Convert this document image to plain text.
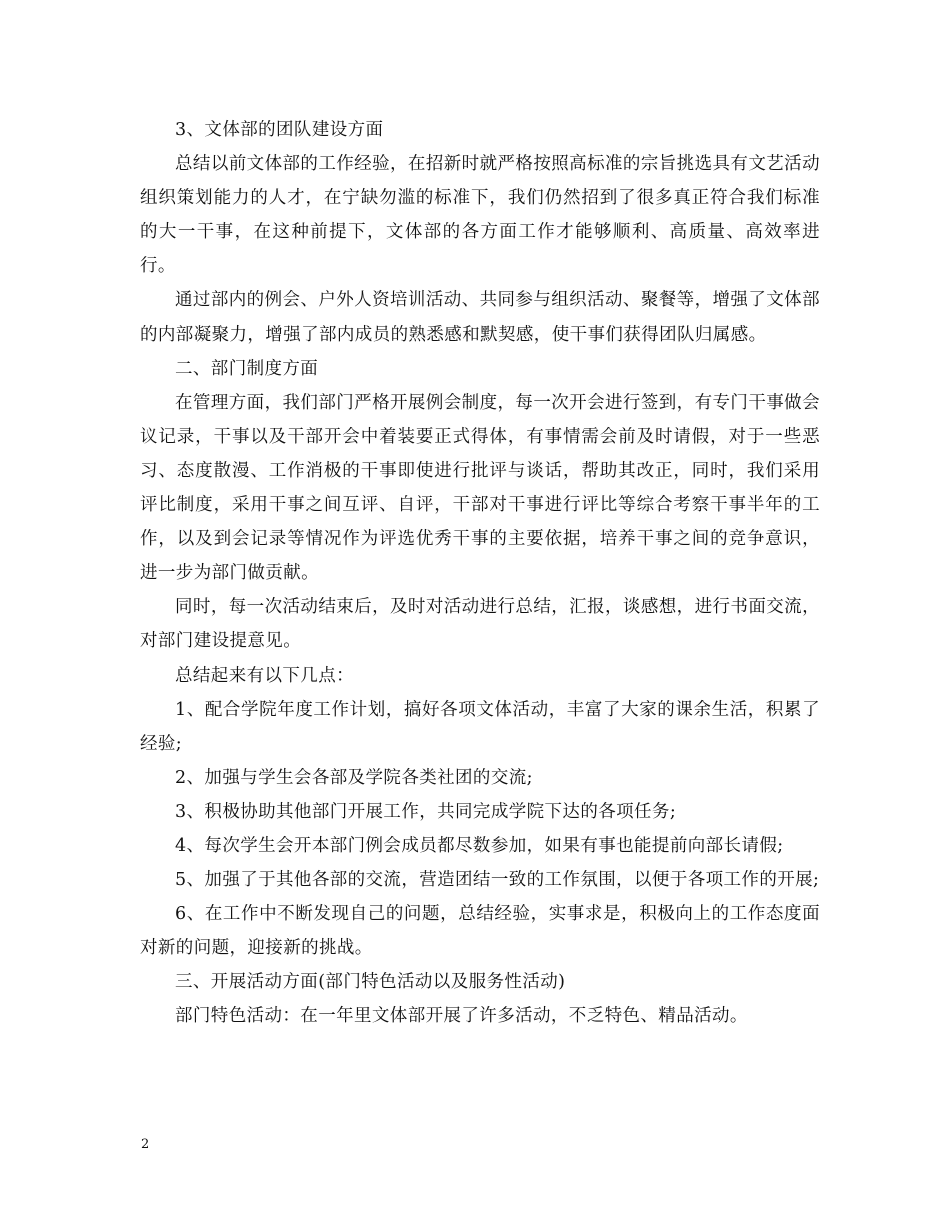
3、文体部的团队建设方面

总结以前文体部的工作经验，在招新时就严格按照高标准的宗旨挑选具有文艺活动组织策划能力的人才，在宁缺勿滥的标准下，我们仍然招到了很多真正符合我们标准的大一干事，在这种前提下，文体部的各方面工作才能够顺利、高质量、高效率进行。

通过部内的例会、户外人资培训活动、共同参与组织活动、聚餐等，增强了文体部的内部凝聚力，增强了部内成员的熟悉感和默契感，使干事们获得团队归属感。

二、部门制度方面

在管理方面，我们部门严格开展例会制度，每一次开会进行签到，有专门干事做会议记录，干事以及干部开会中着装要正式得体，有事情需会前及时请假，对于一些恶习、态度散漫、工作消极的干事即使进行批评与谈话，帮助其改正，同时，我们采用评比制度，采用干事之间互评、自评，干部对干事进行评比等综合考察干事半年的工作，以及到会记录等情况作为评选优秀干事的主要依据，培养干事之间的竞争意识，进一步为部门做贡献。

同时，每一次活动结束后，及时对活动进行总结，汇报，谈感想，进行书面交流，对部门建设提意见。

总结起来有以下几点：

1、配合学院年度工作计划，搞好各项文体活动，丰富了大家的课余生活，积累了经验;

2、加强与学生会各部及学院各类社团的交流;

3、积极协助其他部门开展工作，共同完成学院下达的各项任务;

4、每次学生会开本部门例会成员都尽数参加，如果有事也能提前向部长请假;

5、加强了于其他各部的交流，营造团结一致的工作氛围，以便于各项工作的开展;

6、在工作中不断发现自己的问题，总结经验，实事求是，积极向上的工作态度面对新的问题，迎接新的挑战。

三、开展活动方面(部门特色活动以及服务性活动)

部门特色活动：在一年里文体部开展了许多活动，不乏特色、精品活动。

2
